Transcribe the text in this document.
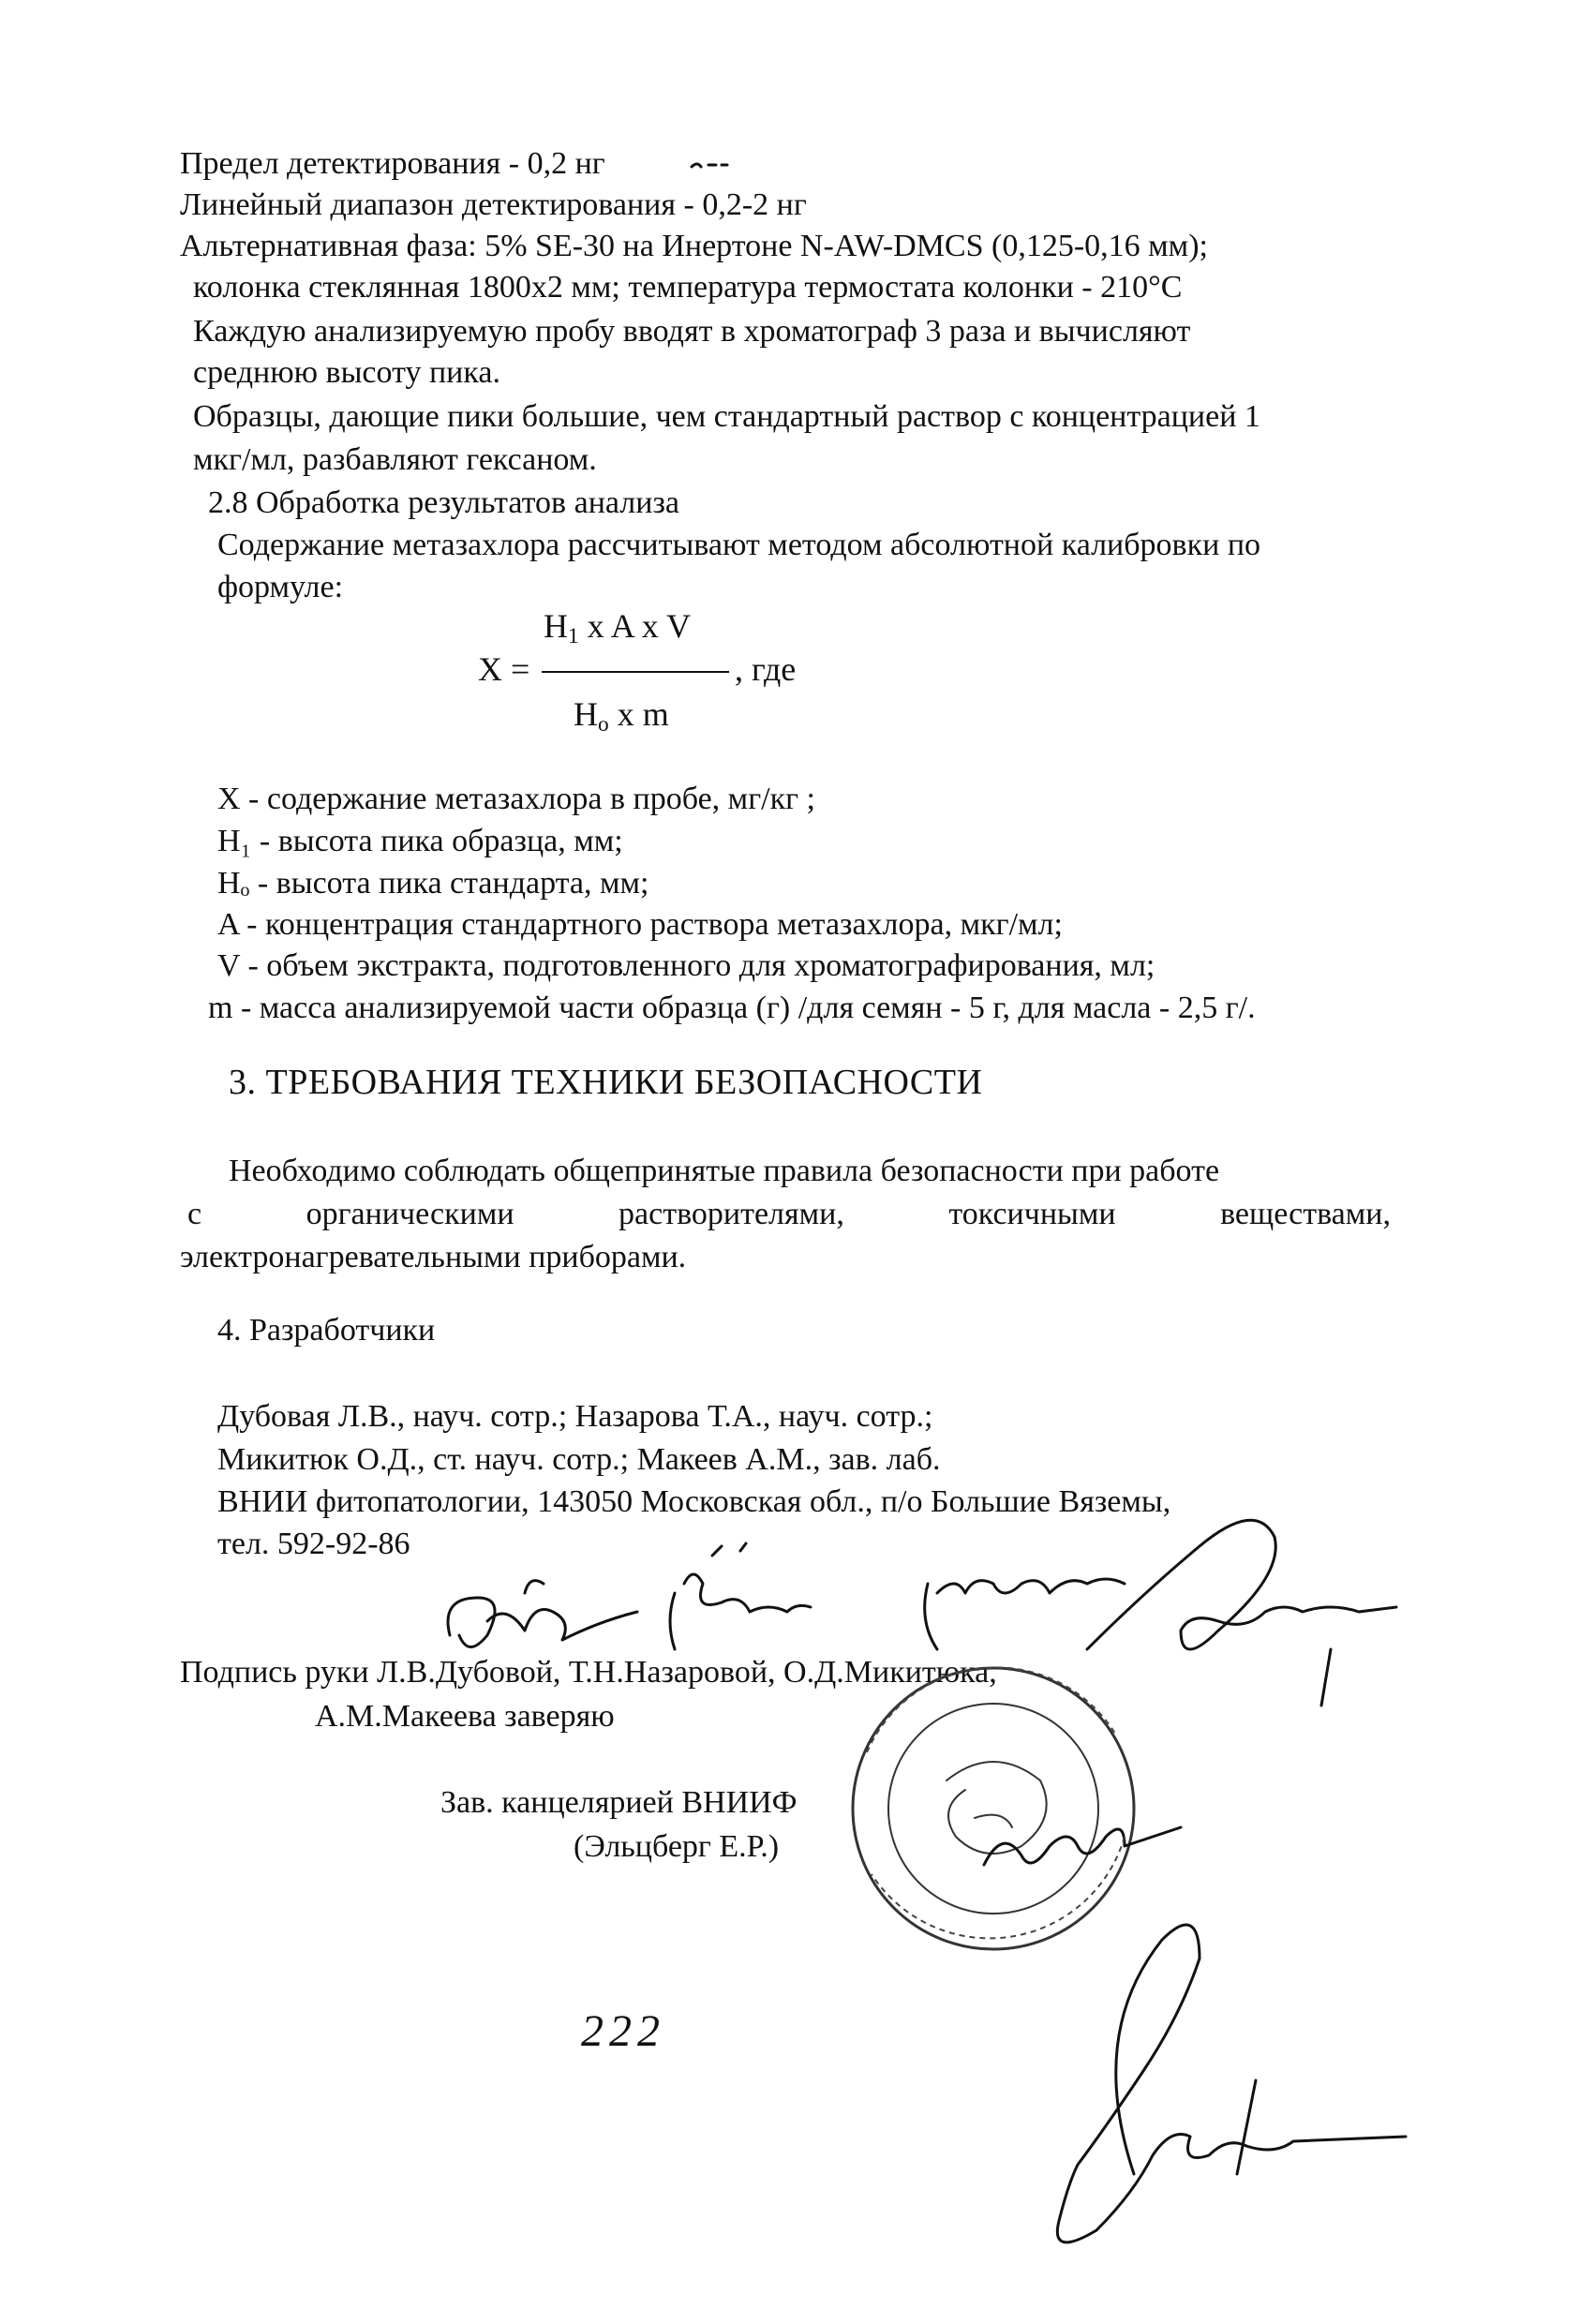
Предел детектирования - 0,2 нг
Линейный диапазон детектирования - 0,2-2 нг
Альтернативная фаза: 5% SE-30 на Инертоне N-AW-DMCS (0,125-0,16 мм);
колонка стеклянная 1800х2 мм; температура термостата колонки - 210°С
Каждую анализируемую пробу вводят в хроматограф 3 раза и вычисляют
среднюю высоту пика.
Образцы, дающие пики большие, чем стандартный раствор с концентрацией 1
мкг/мл, разбавляют гексаном.
2.8 Обработка результатов анализа
Содержание метазахлора рассчитывают методом абсолютной калибровки по
формуле:
$H_1$ x A x V
X =	, где
$H_o$ x m
X - содержание метазахлора в пробе, мг/кг ;
H₁ - высота пика образца, мм;
Hₒ - высота пика стандарта, мм;
A - концентрация стандартного раствора метазахлора, мкг/мл;
V - объем экстракта, подготовленного для хроматографирования, мл;
m - масса анализируемой части образца (г) /для семян - 5 г, для масла - 2,5 г/.
3. ТРЕБОВАНИЯ ТЕХНИКИ БЕЗОПАСНОСТИ
Необходимо соблюдать общепринятые правила безопасности при работе
с	органическими	растворителями,	токсичными	веществами,
электронагревательными приборами.
4. Разработчики
Дубовая Л.В., науч. сотр.; Назарова Т.А., науч. сотр.;
Микитюк О.Д., ст. науч. сотр.; Макеев А.М., зав. лаб.
ВНИИ фитопатологии, 143050 Московская обл., п/о Большие Вяземы,
тел. 592-92-86
Подпись руки Л.В.Дубовой, Т.Н.Назаровой, О.Д.Микитюка,
А.М.Макеева заверяю
Зав. канцелярией ВНИИФ
(Эльцберг Е.Р.)
222
